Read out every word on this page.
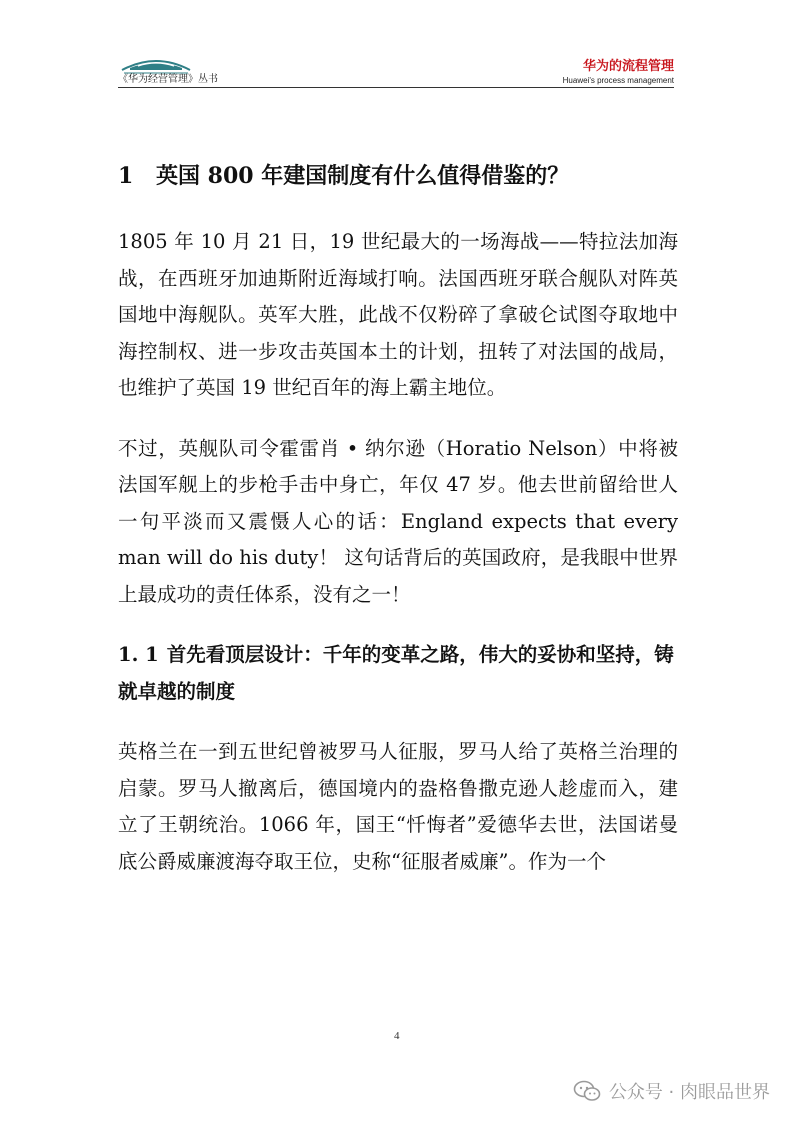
《华为经营管理》丛书
华为的流程管理
Huawei's process management
1 英国 800 年建国制度有什么值得借鉴的？

1805 年 10 月 21 日，19 世纪最大的一场海战——特拉法加海战，在西班牙加迪斯附近海域打响。法国西班牙联合舰队对阵英国地中海舰队。英军大胜，此战不仅粉碎了拿破仑试图夺取地中海控制权、进一步攻击英国本土的计划，扭转了对法国的战局，也维护了英国 19 世纪百年的海上霸主地位。

不过，英舰队司令霍雷肖 • 纳尔逊（Horatio Nelson）中将被法国军舰上的步枪手击中身亡，年仅 47 岁。他去世前留给世人一句平淡而又震慑人心的话：England expects that every man will do his duty！ 这句话背后的英国政府，是我眼中世界上最成功的责任体系，没有之一！

1. 1 首先看顶层设计：千年的变革之路，伟大的妥协和坚持，铸就卓越的制度

英格兰在一到五世纪曾被罗马人征服，罗马人给了英格兰治理的启蒙。罗马人撤离后，德国境内的盎格鲁撒克逊人趁虚而入，建立了王朝统治。1066 年，国王“忏悔者”爱德华去世，法国诺曼底公爵威廉渡海夺取王位，史称“征服者威廉”。作为一个

4
公众号 · 肉眼品世界
